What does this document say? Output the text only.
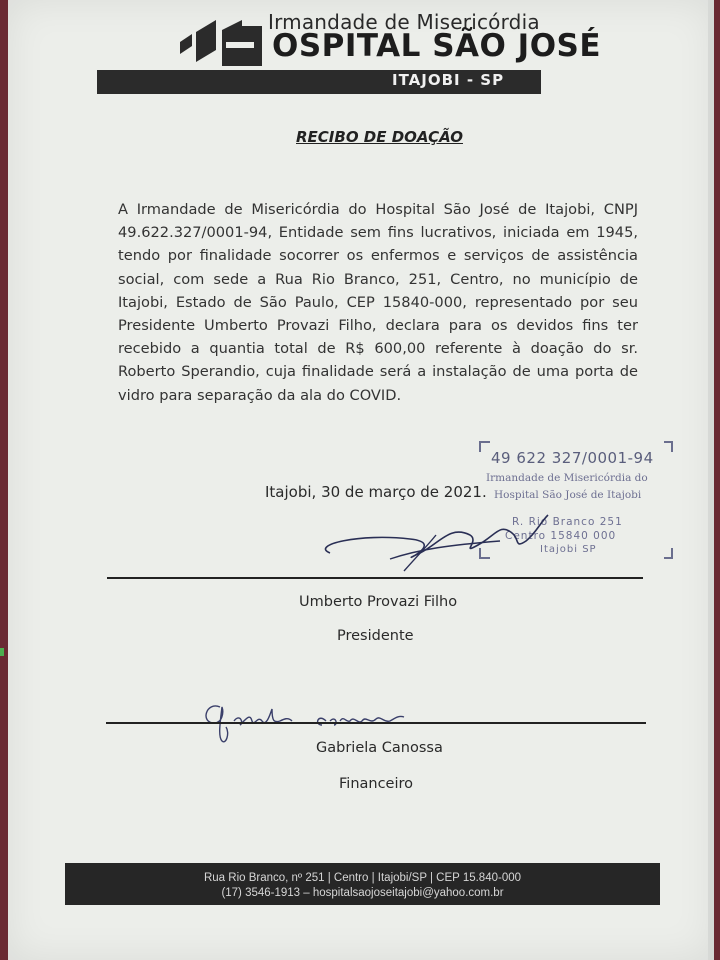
Irmandade de Misericórdia
OSPITAL SÃO JOSÉ
ITAJOBI - SP
RECIBO DE DOAÇÃO
A Irmandade de Misericórdia do Hospital São José de Itajobi, CNPJ 49.622.327/0001-94, Entidade sem fins lucrativos, iniciada em 1945, tendo por finalidade socorrer os enfermos e serviços de assistência social, com sede a Rua Rio Branco, 251, Centro, no município de Itajobi, Estado de São Paulo, CEP 15840-000, representado por seu Presidente Umberto Provazi Filho, declara para os devidos fins ter recebido a quantia total de R$ 600,00 referente à doação do sr. Roberto Sperandio, cuja finalidade será a instalação de uma porta de vidro para separação da ala do COVID.
Itajobi, 30 de março de 2021.
49 622 327/0001-94
Irmandade de Misericórdia do
Hospital São José de Itajobi
R. Rio Branco 251
Centro 15840 000
Itajobi SP
Umberto Provazi Filho
Presidente
Gabriela Canossa
Financeiro
Rua Rio Branco, nº 251 | Centro | Itajobi/SP | CEP 15.840-000
(17) 3546-1913 – hospitalsaojoseitajobi@yahoo.com.br
